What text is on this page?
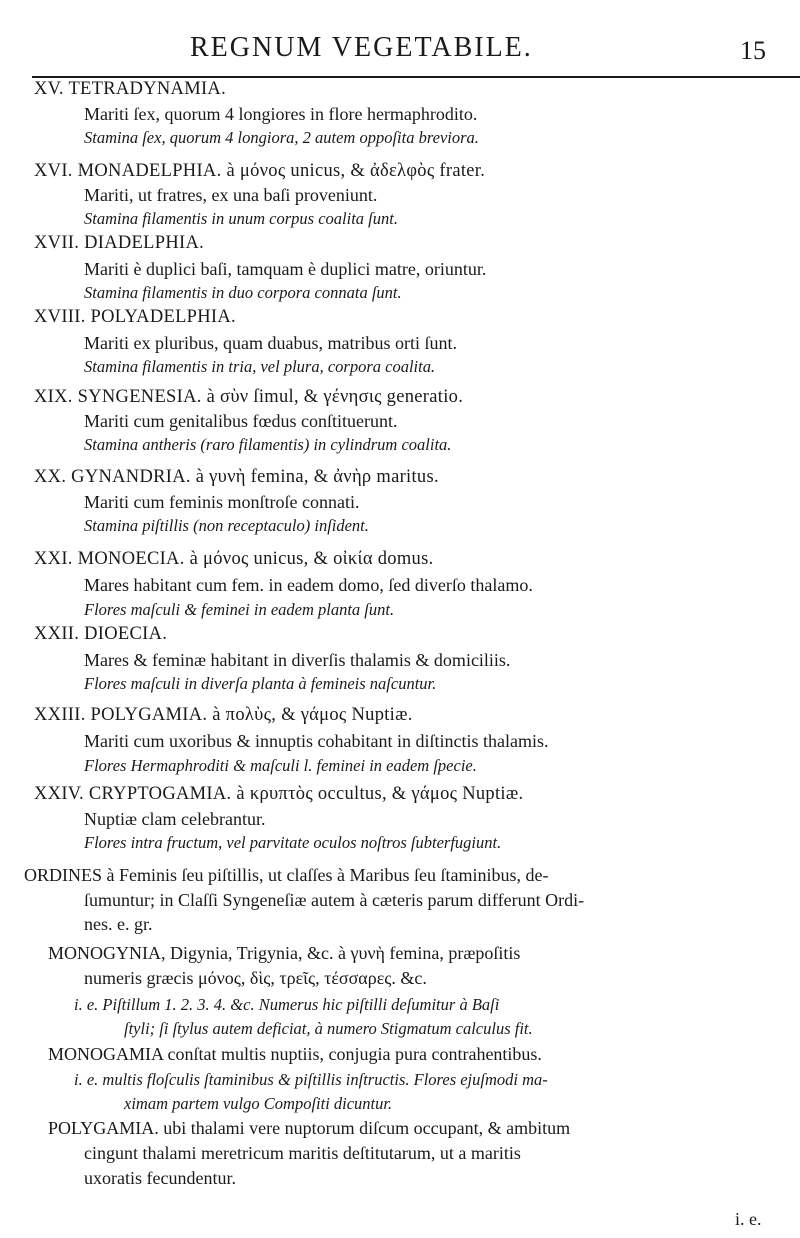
REGNUM VEGETABILE.	15
XV. TETRADYNAMIA.
Mariti ſex, quorum 4 longiores in flore hermaphrodito.
Stamina ſex, quorum 4 longiora, 2 autem oppoſita breviora.
XVI. MONADELPHIA. à μόνος unicus, & ἀδελφὸς frater.
Mariti, ut fratres, ex una baſi proveniunt.
Stamina filamentis in unum corpus coalita ſunt.
XVII. DIADELPHIA.
Mariti è duplici baſi, tamquam è duplici matre, oriuntur.
Stamina filamentis in duo corpora connata ſunt.
XVIII. POLYADELPHIA.
Mariti ex pluribus, quam duabus, matribus orti ſunt.
Stamina filamentis in tria, vel plura, corpora coalita.
XIX. SYNGENESIA. à σὺν ſimul, & γένησις generatio.
Mariti cum genitalibus fœdus conſtituerunt.
Stamina antheris (raro filamentis) in cylindrum coalita.
XX. GYNANDRIA. à γυνὴ femina, & ἀνὴρ maritus.
Mariti cum feminis monſtroſe connati.
Stamina piſtillis (non receptaculo) inſident.
XXI. MONOECIA. à μόνος unicus, & οἰκία domus.
Mares habitant cum fem. in eadem domo, ſed diverſo thalamo.
Flores maſculi & feminei in eadem planta ſunt.
XXII. DIOECIA.
Mares & feminæ habitant in diverſis thalamis & domiciliis.
Flores maſculi in diverſa planta à femineis naſcuntur.
XXIII. POLYGAMIA. à πολὺς, & γάμος Nuptiæ.
Mariti cum uxoribus & innuptis cohabitant in diſtinctis thalamis.
Flores Hermaphroditi & maſculi l. feminei in eadem ſpecie.
XXIV. CRYPTOGAMIA. à κρυπτὸς occultus, & γάμος Nuptiæ.
Nuptiæ clam celebrantur.
Flores intra fructum, vel parvitate oculos noſtros ſubterfugiunt.
ORDINES à Feminis ſeu piſtillis, ut claſſes à Maribus ſeu ſtaminibus, de-
ſumuntur; in Claſſi Syngeneſiæ autem à cæteris parum differunt Ordi-
nes. e. gr.
MONOGYNIA, Digynia, Trigynia, &c. à γυνὴ femina, præpoſitis
numeris græcis μόνος, δὶς, τρεῖς, τέσσαρες. &c.
i. e. Piſtillum 1. 2. 3. 4. &c. Numerus hic piſtilli deſumitur à Baſi
ſtyli; ſi ſtylus autem deficiat, à numero Stigmatum calculus fit.
MONOGAMIA conſtat multis nuptiis, conjugia pura contrahentibus.
i. e. multis floſculis ſtaminibus & piſtillis inſtructis. Flores ejuſmodi ma-
ximam partem vulgo Compoſiti dicuntur.
POLYGAMIA. ubi thalami vere nuptorum diſcum occupant, & ambitum
cingunt thalami meretricum maritis deſtitutarum, ut a maritis
uxoratis fecundentur.
i. e.
